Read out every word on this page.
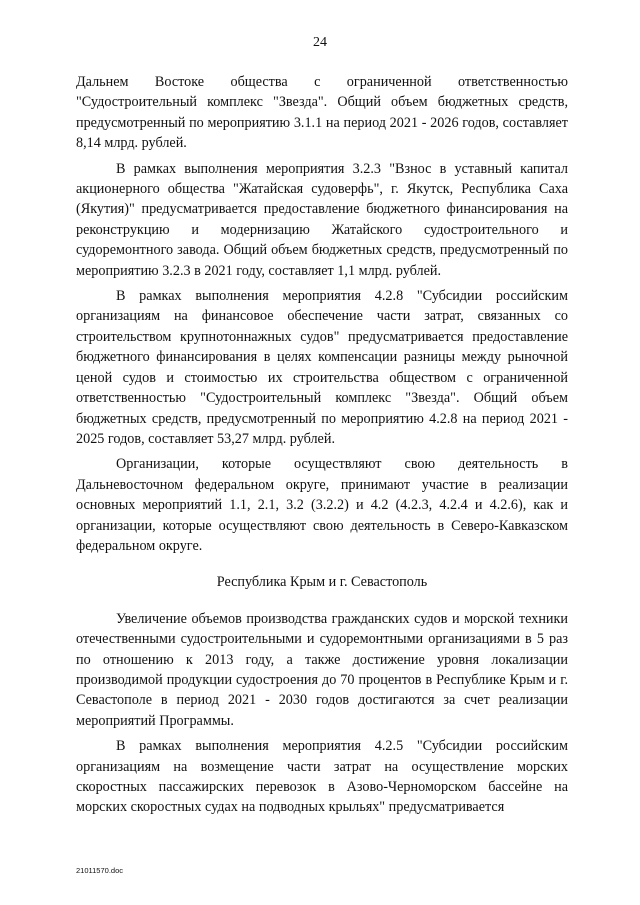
24

Дальнем Востоке общества с ограниченной ответственностью "Судостроительный комплекс "Звезда". Общий объем бюджетных средств, предусмотренный по мероприятию 3.1.1 на период 2021 - 2026 годов, составляет 8,14 млрд. рублей.

В рамках выполнения мероприятия 3.2.3 "Взнос в уставный капитал акционерного общества "Жатайская судоверфь", г. Якутск, Республика Саха (Якутия)" предусматривается предоставление бюджетного финансирования на реконструкцию и модернизацию Жатайского судостроительного и судоремонтного завода. Общий объем бюджетных средств, предусмотренный по мероприятию 3.2.3 в 2021 году, составляет 1,1 млрд. рублей.

В рамках выполнения мероприятия 4.2.8 "Субсидии российским организациям на финансовое обеспечение части затрат, связанных со строительством крупнотоннажных судов" предусматривается предоставление бюджетного финансирования в целях компенсации разницы между рыночной ценой судов и стоимостью их строительства обществом с ограниченной ответственностью "Судостроительный комплекс "Звезда". Общий объем бюджетных средств, предусмотренный по мероприятию 4.2.8 на период 2021 - 2025 годов, составляет 53,27 млрд. рублей.

Организации, которые осуществляют свою деятельность в Дальневосточном федеральном округе, принимают участие в реализации основных мероприятий 1.1, 2.1, 3.2 (3.2.2) и 4.2 (4.2.3, 4.2.4 и 4.2.6), как и организации, которые осуществляют свою деятельность в Северо-Кавказском федеральном округе.

Республика Крым и г. Севастополь

Увеличение объемов производства гражданских судов и морской техники отечественными судостроительными и судоремонтными организациями в 5 раз по отношению к 2013 году, а также достижение уровня локализации производимой продукции судостроения до 70 процентов в Республике Крым и г. Севастополе в период 2021 - 2030 годов достигаются за счет реализации мероприятий Программы.

В рамках выполнения мероприятия 4.2.5 "Субсидии российским организациям на возмещение части затрат на осуществление морских скоростных пассажирских перевозок в Азово-Черноморском бассейне на морских скоростных судах на подводных крыльях" предусматривается

21011570.doc
